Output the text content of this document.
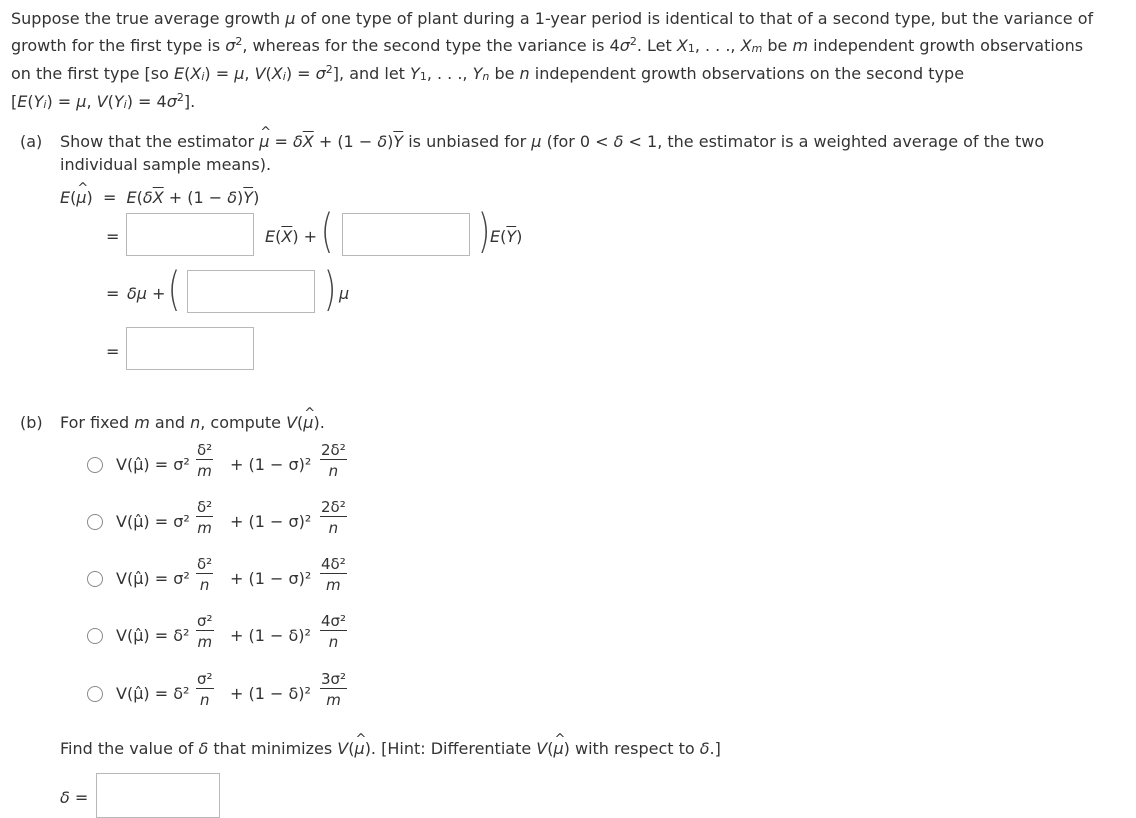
Suppose the true average growth μ of one type of plant during a 1-year period is identical to that of a second type, but the variance of
growth for the first type is $\sigma^2$, whereas for the second type the variance is $4\sigma^2$. Let $X_1$, . . ., $X_m$ be m independent growth observations
on the first type [so $E(X_i) = \mu$, $V(X_i) = \sigma^2$], and let $Y_1$, . . ., $Y_n$ be n independent growth observations on the second type
[$E(Y_i) = \mu$, $V(Y_i) = 4\sigma^2$].
(a) Show that the estimator ^ $\mu = \delta\overline{X} + (1 - \delta)\overline{Y}$ is unbiased for μ (for 0 < δ < 1, the estimator is a weighted average of the two
individual sample means).
E(^ $\mu) = E(\delta\overline{X} + (1 - \delta)\overline{Y})$
=	$E(\overline{X})$ + (	) $E(\overline{Y})$
= δμ + (	) μ
=
(b) For fixed m and n, compute V(^ μ).
V(μ̂) = $\sigma^2 \frac{\text{δ²}}{m} + (1 - \sigma)^2 \frac{\text{2δ²}}{n}$
V(μ̂) = $\sigma^2 \frac{\text{δ²}}{m} + (1 - \sigma)^2 \frac{\text{2δ²}}{n}$
V(μ̂) = $\sigma^2 \frac{\text{δ²}}{n} + (1 - \sigma)^2 \frac{\text{4δ²}}{m}$
V(μ̂) = $\delta^2 \frac{\text{σ²}}{m} + (1 - \delta)^2 \frac{\text{4σ²}}{n}$
V(μ̂) = $\delta^2 \frac{\text{σ²}}{n} + (1 - \delta)^2 \frac{\text{3σ²}}{m}$
Find the value of δ that minimizes V(^ μ). [Hint: Differentiate V(^ μ) with respect to δ.]
δ =
